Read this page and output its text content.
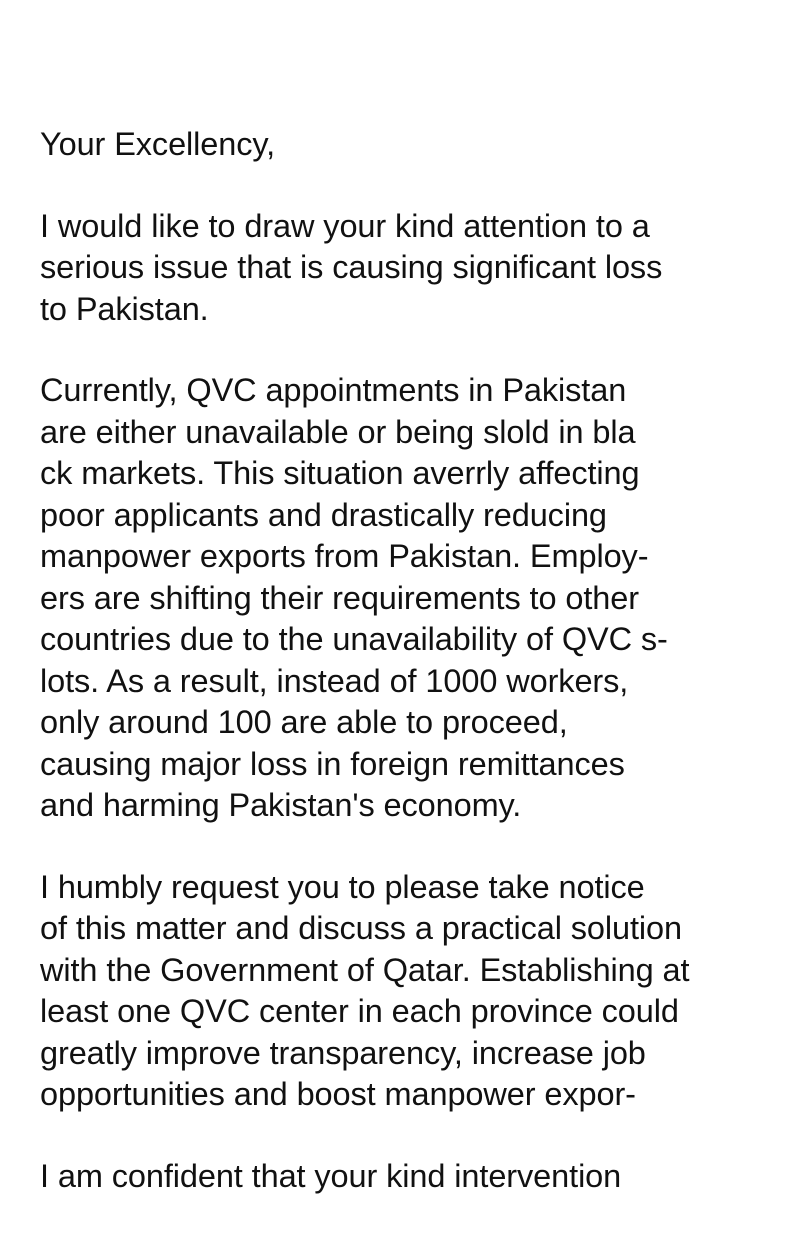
Your Excellency,

I would like to draw your kind attention to a
serious issue that is causing significant loss
to Pakistan.

Currently, QVC appointments in Pakistan
are either unavailable or being slold in bla
ck markets. This situation averrly affecting
poor applicants and drastically reducing
manpower exports from Pakistan. Employ-
ers are shifting their requirements to other
countries due to the unavailability of QVC s-
lots. As a result, instead of 1000 workers,
only around 100 are able to proceed,
causing major loss in foreign remittances
and harming Pakistan's economy.

I humbly request you to please take notice
of this matter and discuss a practical solution
with the Government of Qatar. Establishing at
least one QVC center in each province could
greatly improve transparency, increase job
opportunities and boost manpower expor-

I am confident that your kind intervention
